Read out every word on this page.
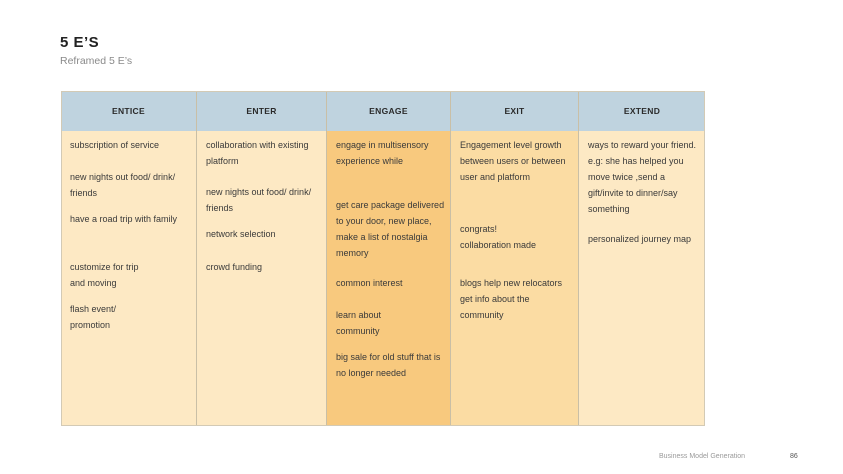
5 E’S
Reframed 5 E’s
ENTICE

subscription of service

new nights out food/ drink/ friends

have a road trip with family

customize for trip and moving

flash event/ promotion

ENTER

collaboration with existing platform

new nights out food/ drink/ friends

network selection

crowd funding

ENGAGE

engage in multisensory experience while

get care package delivered to your door, new place, make a list of nostalgia memory

common interest

learn about community

big sale for old stuff that is no longer needed

EXIT

Engagement level growth between users or between user and platform

congrats! collaboration made

blogs help new relocators get info about the community

EXTEND

ways to reward your friend. e.g: she has helped you move twice ,send a gift/invite to dinner/say something

personalized journey map

Business Model Generation	86
